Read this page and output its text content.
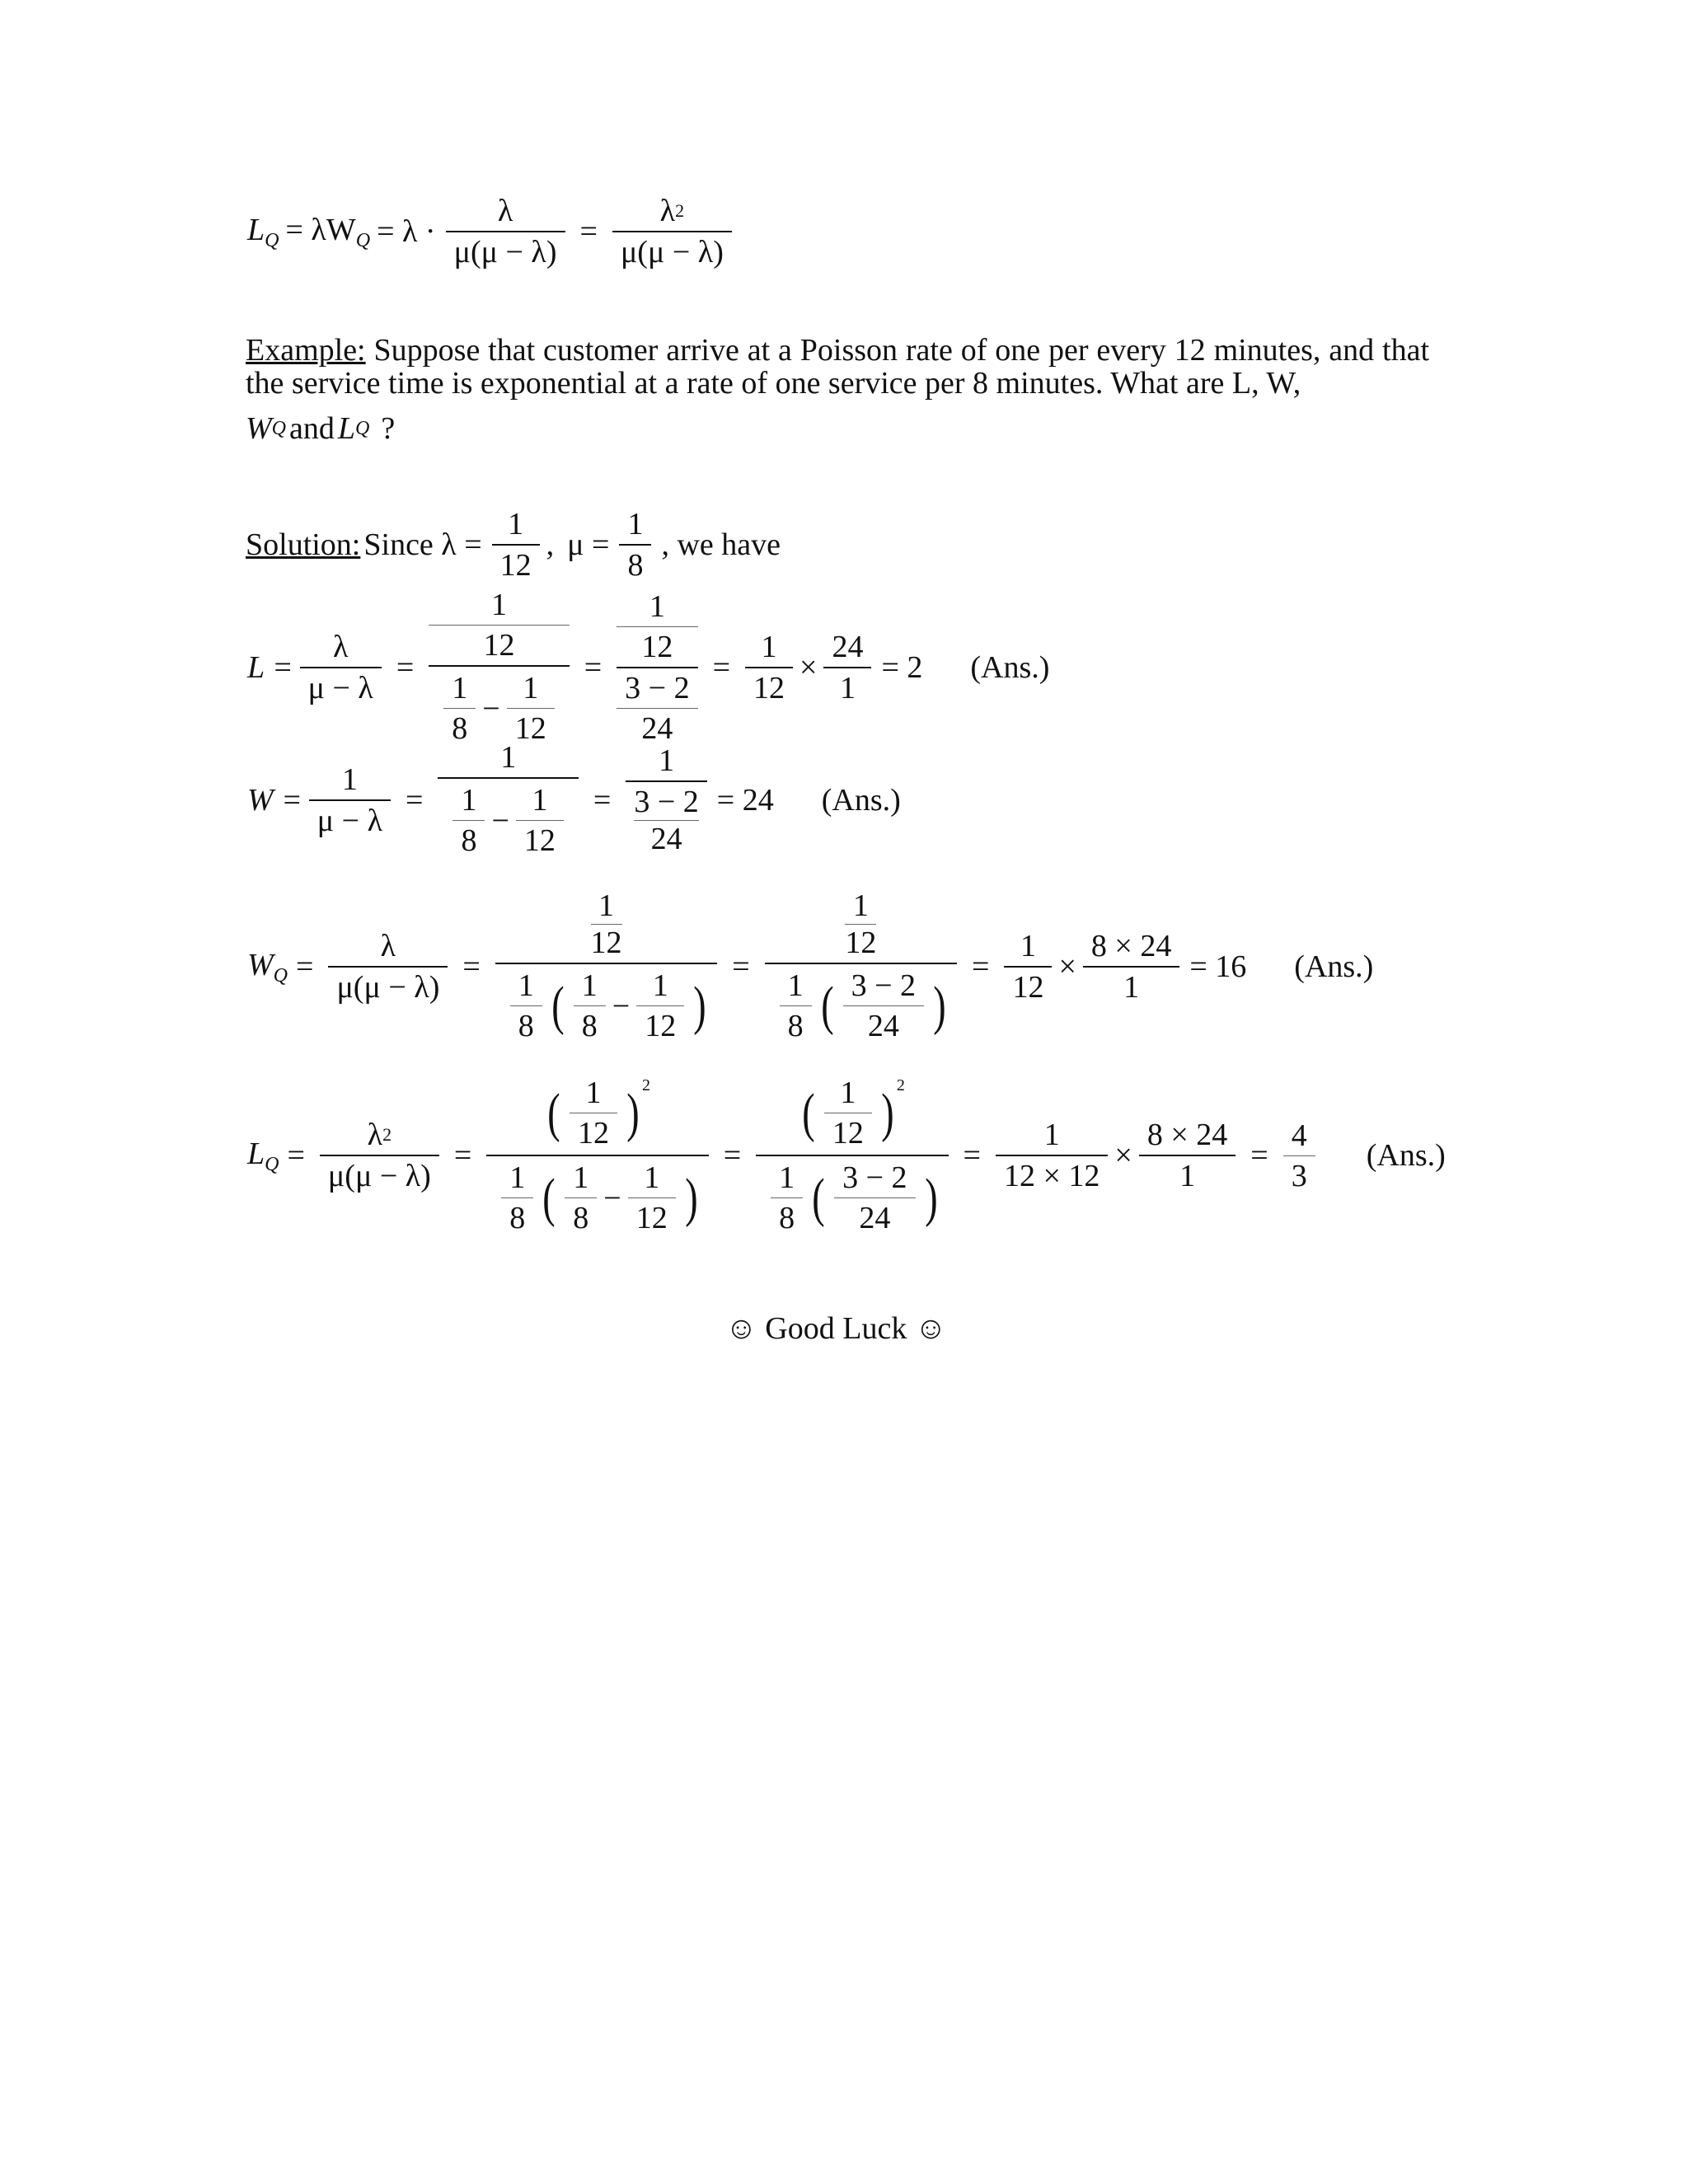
$L_Q = \lambda W_Q = \lambda \cdot \frac{\lambda}{\mu(\mu - \lambda)} = \frac{\lambda 2}{\mu(\mu - \lambda)}$
Example: Suppose that customer arrive at a Poisson rate of one per every 12 minutes, and that the service time is exponential at a rate of one service per 8 minutes. What are L, W,
W Q and L Q ?
Solution: Since $\lambda = \frac{1}{12}$ , $\mu = \frac{1}{8}$ , we have
$L = \frac{\lambda}{\mu - \lambda}$ =
1
12
$\frac{1}{8} - \frac{1}{12}$
=
1
12
3 − 2
24
= $\frac{1}{12} \times \frac{24}{1} = 2$	(Ans.)
$W = \frac{1}{\mu - \lambda} = \frac{1}{\frac{1}{8} - \frac{1}{12}} = 1$
3 − 2
24 = 24	(Ans.)
$W_Q = \frac{\lambda}{\mu(\mu - \lambda)} = 1$
12
$\frac{1}{8}$ ( $\frac{1}{8} - \frac{1}{12}$ ) = 1
12
$\frac{1}{8}$ ( $\frac{3 - 2}{24}$ ) = $\frac{1}{12} \times \frac{8 \times 24}{1} = 16$	(Ans.)
$L_Q = \frac{\lambda 2}{\mu(\mu - \lambda)} = \frac{( \frac{1}{12} ) 2}{\frac{1}{8} ( \frac{1}{8} - \frac{1}{12} )} = \frac{( \frac{1}{12} ) 2}{\frac{1}{8} ( \frac{3 - 2}{24} )} = \frac{1}{12 \times 12} \times \frac{8 \times 24}{1} = \frac{4}{3}$	(Ans.)
☺ Good Luck ☺
